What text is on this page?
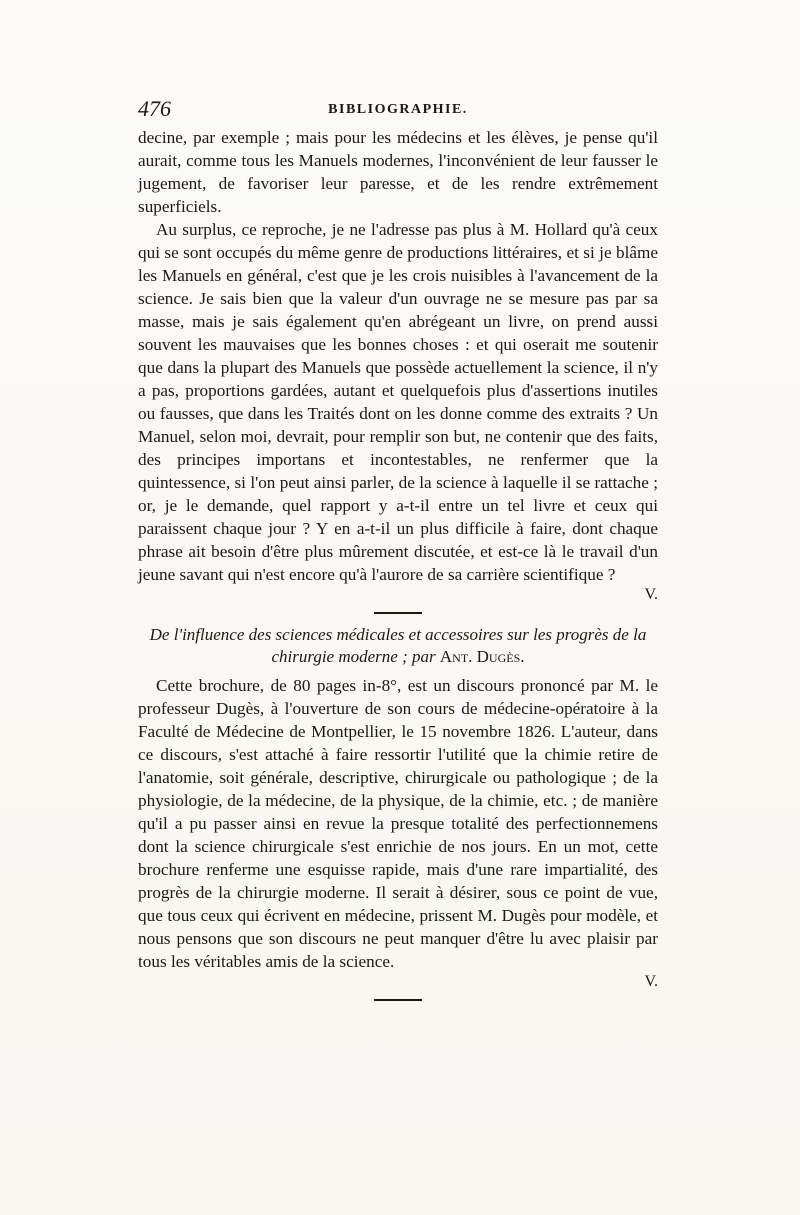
476	BIBLIOGRAPHIE.

decine, par exemple ; mais pour les médecins et les élèves, je pense qu'il aurait, comme tous les Manuels modernes, l'inconvénient de leur fausser le jugement, de favoriser leur paresse, et de les rendre extrêmement superficiels.

Au surplus, ce reproche, je ne l'adresse pas plus à M. Hollard qu'à ceux qui se sont occupés du même genre de productions littéraires, et si je blâme les Manuels en général, c'est que je les crois nuisibles à l'avancement de la science. Je sais bien que la valeur d'un ouvrage ne se mesure pas par sa masse, mais je sais également qu'en abrégeant un livre, on prend aussi souvent les mauvaises que les bonnes choses : et qui oserait me soutenir que dans la plupart des Manuels que possède actuellement la science, il n'y a pas, proportions gardées, autant et quelquefois plus d'assertions inutiles ou fausses, que dans les Traités dont on les donne comme des extraits ? Un Manuel, selon moi, devrait, pour remplir son but, ne contenir que des faits, des principes importans et incontestables, ne renfermer que la quintessence, si l'on peut ainsi parler, de la science à laquelle il se rattache ; or, je le demande, quel rapport y a-t-il entre un tel livre et ceux qui paraissent chaque jour ? Y en a-t-il un plus difficile à faire, dont chaque phrase ait besoin d'être plus mûrement discutée, et est-ce là le travail d'un jeune savant qui n'est encore qu'à l'aurore de sa carrière scientifique ?

V.
De l'influence des sciences médicales et accessoires sur les progrès de la chirurgie moderne ; par Ant. Dugès.

Cette brochure, de 80 pages in-8°, est un discours prononcé par M. le professeur Dugès, à l'ouverture de son cours de médecine-opératoire à la Faculté de Médecine de Montpellier, le 15 novembre 1826. L'auteur, dans ce discours, s'est attaché à faire ressortir l'utilité que la chimie retire de l'anatomie, soit générale, descriptive, chirurgicale ou pathologique ; de la physiologie, de la médecine, de la physique, de la chimie, etc. ; de manière qu'il a pu passer ainsi en revue la presque totalité des perfectionnemens dont la science chirurgicale s'est enrichie de nos jours. En un mot, cette brochure renferme une esquisse rapide, mais d'une rare impartialité, des progrès de la chirurgie moderne. Il serait à désirer, sous ce point de vue, que tous ceux qui écrivent en médecine, prissent M. Dugès pour modèle, et nous pensons que son discours ne peut manquer d'être lu avec plaisir par tous les véritables amis de la science.

V.
